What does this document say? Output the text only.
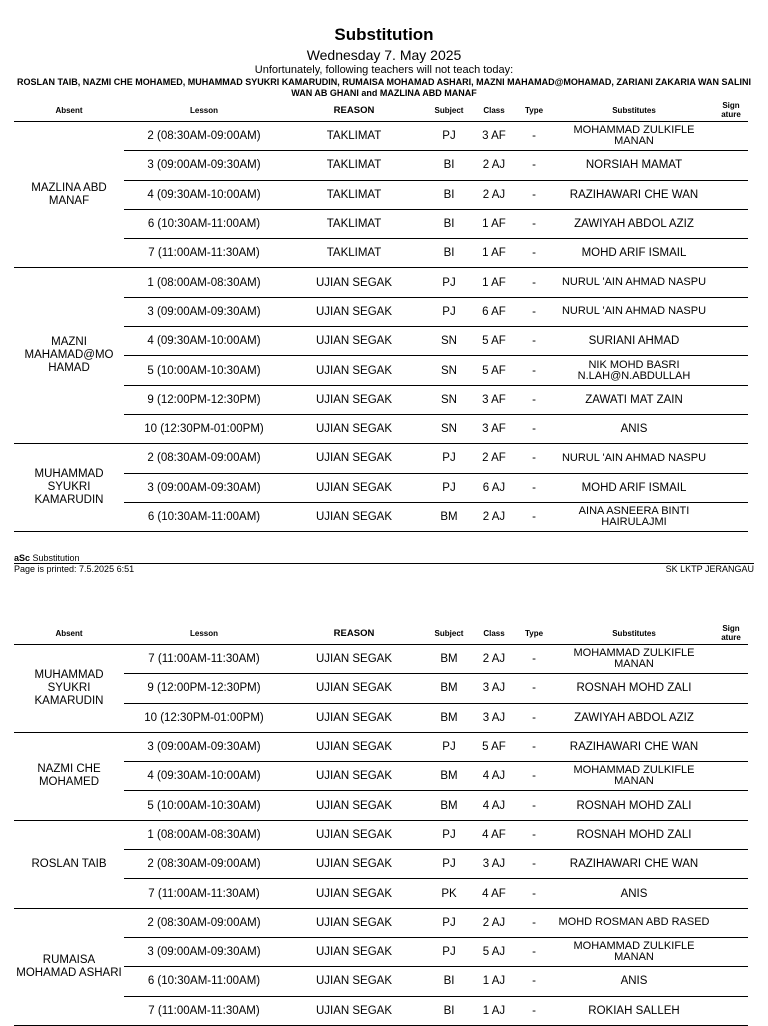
Substitution
Wednesday 7. May 2025
Unfortunately, following teachers will not teach today:
ROSLAN TAIB, NAZMI CHE MOHAMED, MUHAMMAD SYUKRI KAMARUDIN, RUMAISA MOHAMAD ASHARI, MAZNI MAHAMAD@MOHAMAD, ZARIANI ZAKARIA WAN SALINI WAN AB GHANI and MAZLINA ABD MANAF
Absent	Lesson	REASON	Subject	Class	Type	Substitutes	Sign ature
MAZLINA ABD MANAF	2 (08:30AM-09:00AM)	TAKLIMAT	PJ	3 AF	-	MOHAMMAD ZULKIFLE MANAN	
	3 (09:00AM-09:30AM)	TAKLIMAT	BI	2 AJ	-	NORSIAH MAMAT	
	4 (09:30AM-10:00AM)	TAKLIMAT	BI	2 AJ	-	RAZIHAWARI CHE WAN	
	6 (10:30AM-11:00AM)	TAKLIMAT	BI	1 AF	-	ZAWIYAH ABDOL AZIZ	
	7 (11:00AM-11:30AM)	TAKLIMAT	BI	1 AF	-	MOHD ARIF ISMAIL	
MAZNI MAHAMAD@MO HAMAD	1 (08:00AM-08:30AM)	UJIAN SEGAK	PJ	1 AF	-	NURUL 'AIN AHMAD NASPU	
	3 (09:00AM-09:30AM)	UJIAN SEGAK	PJ	6 AF	-	NURUL 'AIN AHMAD NASPU	
	4 (09:30AM-10:00AM)	UJIAN SEGAK	SN	5 AF	-	SURIANI AHMAD	
	5 (10:00AM-10:30AM)	UJIAN SEGAK	SN	5 AF	-	NIK MOHD BASRI N.LAH@N.ABDULLAH	
	9 (12:00PM-12:30PM)	UJIAN SEGAK	SN	3 AF	-	ZAWATI MAT ZAIN	
	10 (12:30PM-01:00PM)	UJIAN SEGAK	SN	3 AF	-	ANIS	
MUHAMMAD SYUKRI KAMARUDIN	2 (08:30AM-09:00AM)	UJIAN SEGAK	PJ	2 AF	-	NURUL 'AIN AHMAD NASPU	
	3 (09:00AM-09:30AM)	UJIAN SEGAK	PJ	6 AJ	-	MOHD ARIF ISMAIL	
	6 (10:30AM-11:00AM)	UJIAN SEGAK	BM	2 AJ	-	AINA ASNEERA BINTI HAIRULAJMI	
aSc Substitution
Page is printed: 7.5.2025 6:51	SK LKTP JERANGAU
Absent	Lesson	REASON	Subject	Class	Type	Substitutes	Sign ature
MUHAMMAD SYUKRI KAMARUDIN	7 (11:00AM-11:30AM)	UJIAN SEGAK	BM	2 AJ	-	MOHAMMAD ZULKIFLE MANAN	
	9 (12:00PM-12:30PM)	UJIAN SEGAK	BM	3 AJ	-	ROSNAH MOHD ZALI	
	10 (12:30PM-01:00PM)	UJIAN SEGAK	BM	3 AJ	-	ZAWIYAH ABDOL AZIZ	
NAZMI CHE MOHAMED	3 (09:00AM-09:30AM)	UJIAN SEGAK	PJ	5 AF	-	RAZIHAWARI CHE WAN	
	4 (09:30AM-10:00AM)	UJIAN SEGAK	BM	4 AJ	-	MOHAMMAD ZULKIFLE MANAN	
	5 (10:00AM-10:30AM)	UJIAN SEGAK	BM	4 AJ	-	ROSNAH MOHD ZALI	
ROSLAN TAIB	1 (08:00AM-08:30AM)	UJIAN SEGAK	PJ	4 AF	-	ROSNAH MOHD ZALI	
	2 (08:30AM-09:00AM)	UJIAN SEGAK	PJ	3 AJ	-	RAZIHAWARI CHE WAN	
	7 (11:00AM-11:30AM)	UJIAN SEGAK	PK	4 AF	-	ANIS	
RUMAISA MOHAMAD ASHARI	2 (08:30AM-09:00AM)	UJIAN SEGAK	PJ	2 AJ	-	MOHD ROSMAN ABD RASED	
	3 (09:00AM-09:30AM)	UJIAN SEGAK	PJ	5 AJ	-	MOHAMMAD ZULKIFLE MANAN	
	6 (10:30AM-11:00AM)	UJIAN SEGAK	BI	1 AJ	-	ANIS	
	7 (11:00AM-11:30AM)	UJIAN SEGAK	BI	1 AJ	-	ROKIAH SALLEH	
